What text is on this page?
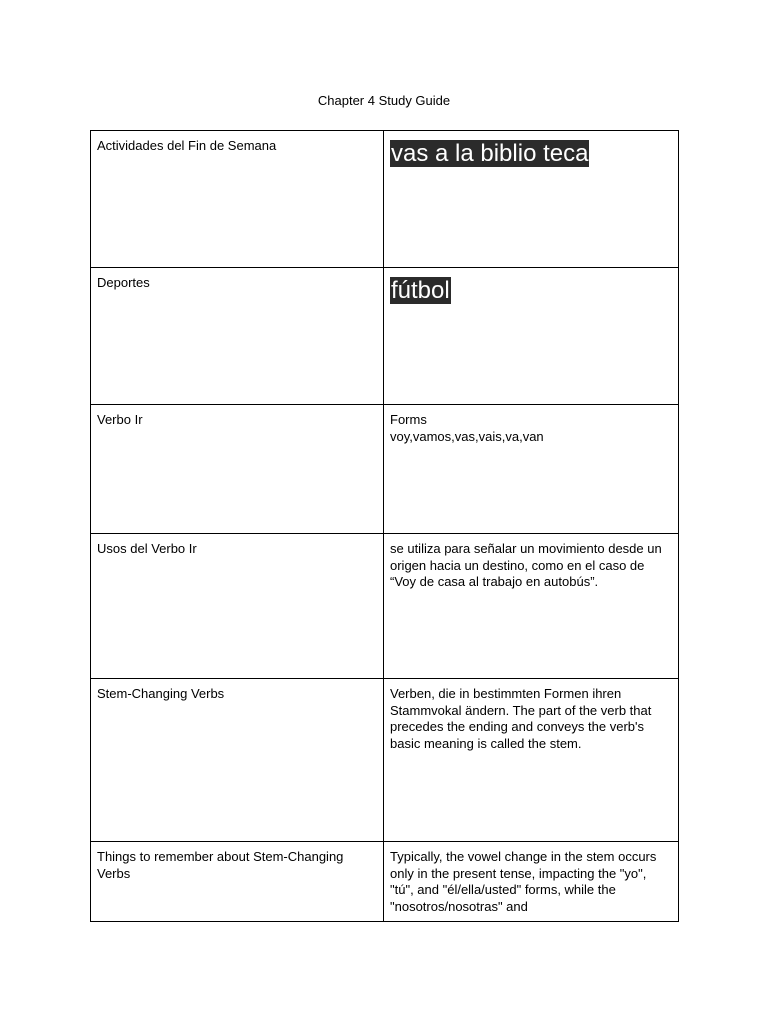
Chapter 4 Study Guide
Actividades del Fin de Semana	vas a la biblio teca

Deportes	fútbol

Verbo Ir	Forms
voy,vamos,vas,vais,va,van

Usos del Verbo Ir	se utiliza para señalar un movimiento desde un origen hacia un destino, como en el caso de “Voy de casa al trabajo en autobús”.
Stem-Changing Verbs	Verben, die in bestimmten Formen ihren Stammvokal ändern. The part of the verb that precedes the ending and conveys the verb's basic meaning is called the stem.
Things to remember about Stem-Changing Verbs	Typically, the vowel change in the stem occurs only in the present tense, impacting the "yo", "tú", and "él/ella/usted" forms, while the "nosotros/nosotras" and
